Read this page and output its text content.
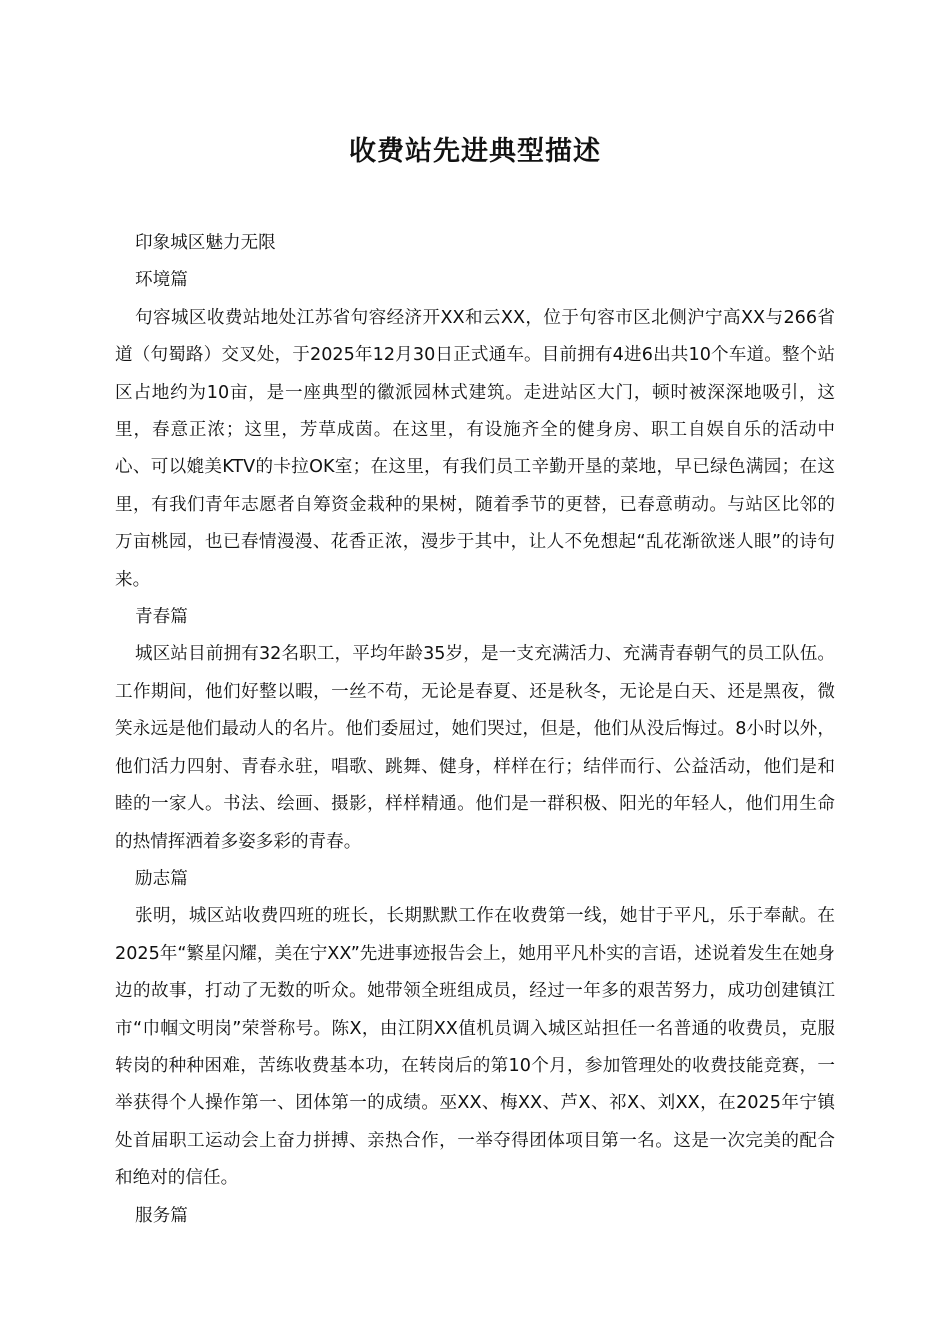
收费站先进典型描述

印象城区魅力无限

环境篇

句容城区收费站地处江苏省句容经济开XX和云XX，位于句容市区北侧沪宁高XX与266省道（句蜀路）交叉处，于2025年12月30日正式通车。目前拥有4进6出共10个车道。整个站区占地约为10亩，是一座典型的徽派园林式建筑。走进站区大门，顿时被深深地吸引，这里，春意正浓；这里，芳草成茵。在这里，有设施齐全的健身房、职工自娱自乐的活动中心、可以媲美KTV的卡拉OK室；在这里，有我们员工辛勤开垦的菜地，早已绿色满园；在这里，有我们青年志愿者自筹资金栽种的果树，随着季节的更替，已春意萌动。与站区比邻的万亩桃园，也已春情漫漫、花香正浓，漫步于其中，让人不免想起“乱花渐欲迷人眼”的诗句来。

青春篇

城区站目前拥有32名职工，平均年龄35岁，是一支充满活力、充满青春朝气的员工队伍。工作期间，他们好整以暇，一丝不苟，无论是春夏、还是秋冬，无论是白天、还是黑夜，微笑永远是他们最动人的名片。他们委屈过，她们哭过，但是，他们从没后悔过。8小时以外，他们活力四射、青春永驻，唱歌、跳舞、健身，样样在行；结伴而行、公益活动，他们是和睦的一家人。书法、绘画、摄影，样样精通。他们是一群积极、阳光的年轻人，他们用生命的热情挥洒着多姿多彩的青春。

励志篇

张明，城区站收费四班的班长，长期默默工作在收费第一线，她甘于平凡，乐于奉献。在2025年“繁星闪耀，美在宁XX”先进事迹报告会上，她用平凡朴实的言语，述说着发生在她身边的故事，打动了无数的听众。她带领全班组成员，经过一年多的艰苦努力，成功创建镇江市“巾帼文明岗”荣誉称号。陈X，由江阴XX值机员调入城区站担任一名普通的收费员，克服转岗的种种困难，苦练收费基本功，在转岗后的第10个月，参加管理处的收费技能竞赛，一举获得个人操作第一、团体第一的成绩。巫XX、梅XX、芦X、祁X、刘XX，在2025年宁镇处首届职工运动会上奋力拼搏、亲热合作，一举夺得团体项目第一名。这是一次完美的配合和绝对的信任。

服务篇
